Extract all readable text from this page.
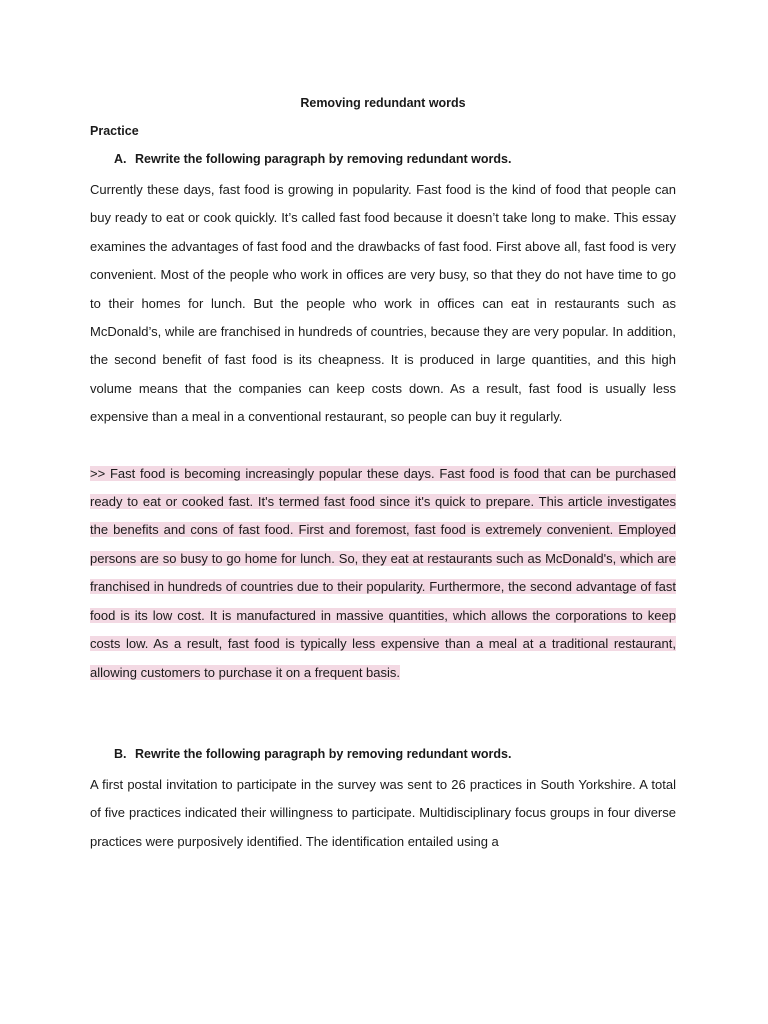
Removing redundant words
Practice
A. Rewrite the following paragraph by removing redundant words.

Currently these days, fast food is growing in popularity. Fast food is the kind of food that people can buy ready to eat or cook quickly. It’s called fast food because it doesn’t take long to make. This essay examines the advantages of fast food and the drawbacks of fast food. First above all, fast food is very convenient. Most of the people who work in offices are very busy, so that they do not have time to go to their homes for lunch. But the people who work in offices can eat in restaurants such as McDonald’s, while are franchised in hundreds of countries, because they are very popular. In addition, the second benefit of fast food is its cheapness. It is produced in large quantities, and this high volume means that the companies can keep costs down. As a result, fast food is usually less expensive than a meal in a conventional restaurant, so people can buy it regularly.

>> Fast food is becoming increasingly popular these days. Fast food is food that can be purchased ready to eat or cooked fast. It's termed fast food since it's quick to prepare. This article investigates the benefits and cons of fast food. First and foremost, fast food is extremely convenient. Employed persons are so busy to go home for lunch. So, they eat at restaurants such as McDonald's, which are franchised in hundreds of countries due to their popularity. Furthermore, the second advantage of fast food is its low cost. It is manufactured in massive quantities, which allows the corporations to keep costs low. As a result, fast food is typically less expensive than a meal at a traditional restaurant, allowing customers to purchase it on a frequent basis.

B. Rewrite the following paragraph by removing redundant words.

A first postal invitation to participate in the survey was sent to 26 practices in South Yorkshire. A total of five practices indicated their willingness to participate. Multidisciplinary focus groups in four diverse practices were purposively identified. The identification entailed using a
